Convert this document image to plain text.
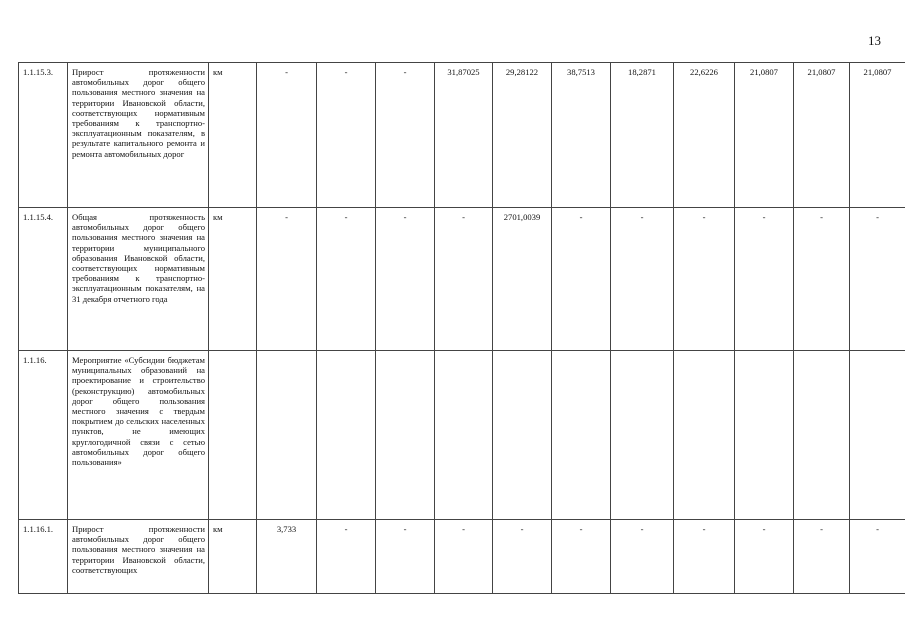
13
1.1.15.3.	Прирост протяженности автомобильных дорог общего пользования местного значения на территории Ивановской области, соответствующих нормативным требованиям к транспортно-эксплуатационным показателям, в результате капитального ремонта и ремонта автомобильных дорог	км	-	-	-	31,87025	29,28122	38,7513	18,2871	22,6226	21,0807	21,0807	21,0807
1.1.15.4.	Общая протяженность автомобильных дорог общего пользования местного значения на территории муниципального образования Ивановской области, соответствующих нормативным требованиям к транспортно-эксплуатационным показателям, на 31 декабря отчетного года	км	-	-	-	-	2701,0039	-	-	-	-	-	-
1.1.16.	Мероприятие «Субсидии бюджетам муниципальных образований на проектирование и строительство (реконструкцию) автомобильных дорог общего пользования местного значения с твердым покрытием до сельских населенных пунктов, не имеющих круглогодичной связи с сетью автомобильных дорог общего пользования»												
1.1.16.1.	Прирост протяженности автомобильных дорог общего пользования местного значения на территории Ивановской области, соответствующих	км	3,733	-	-	-	-	-	-	-	-	-	-
